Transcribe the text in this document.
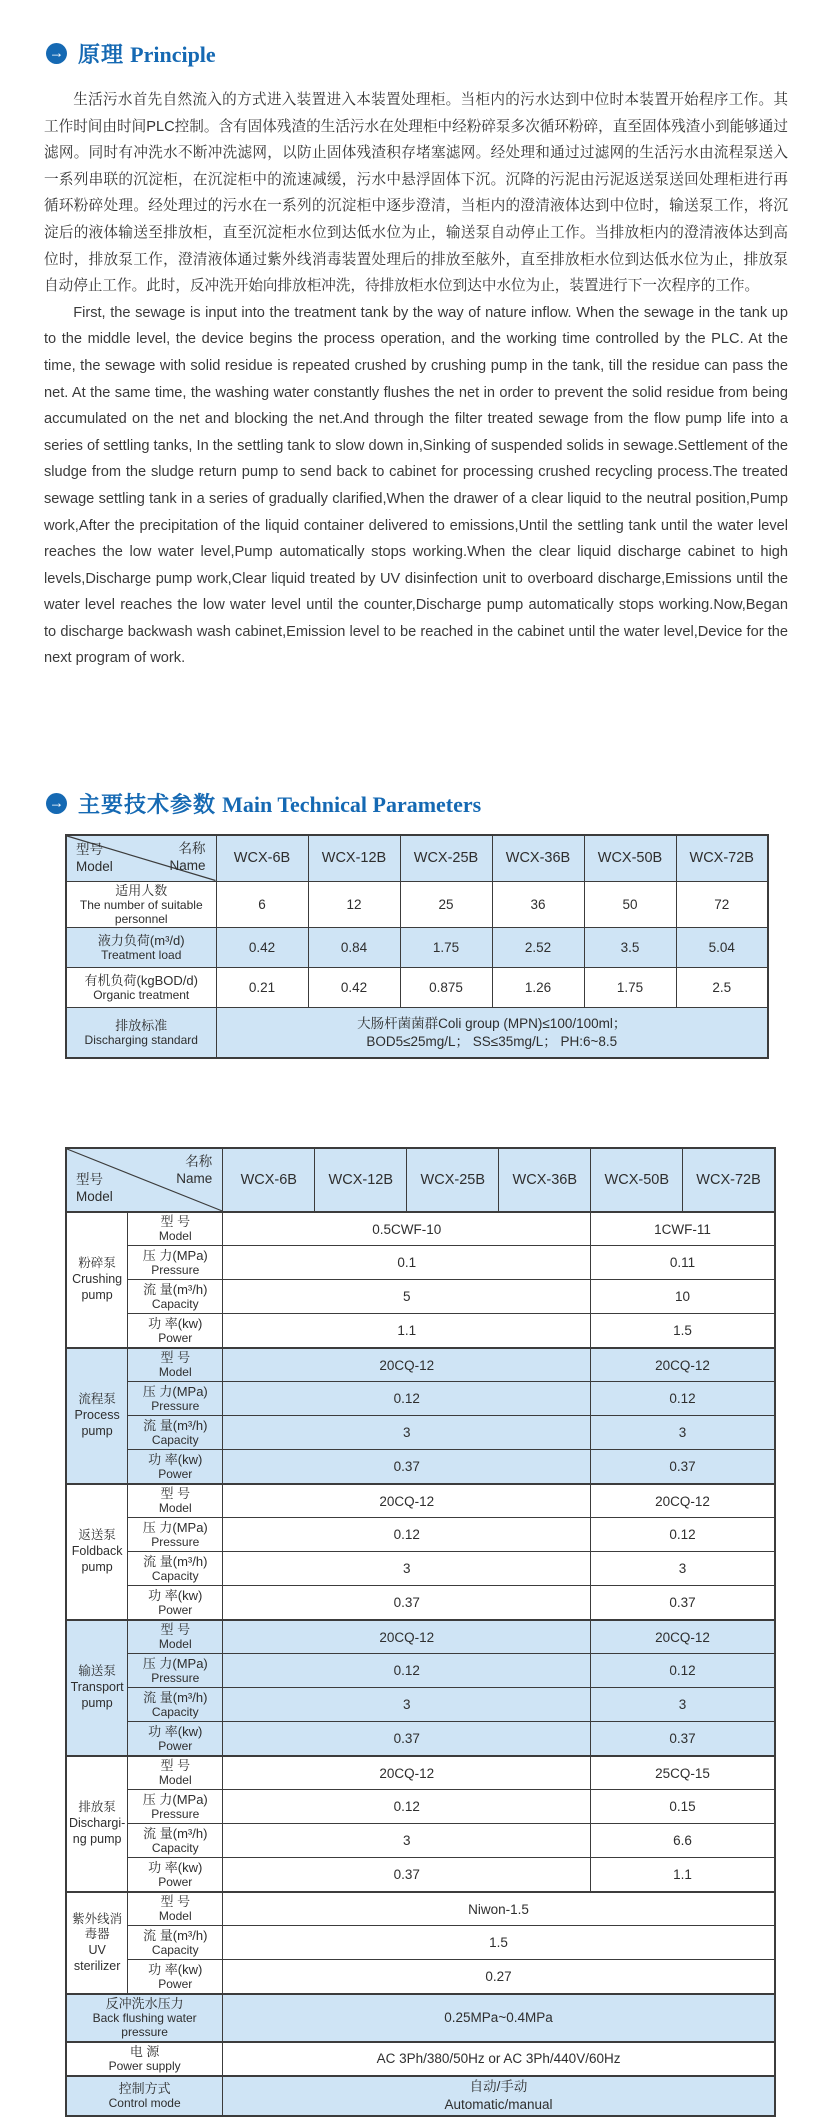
→ 原理 Principle

生活污水首先自然流入的方式进入装置进入本装置处理柜。当柜内的污水达到中位时本装置开始程序工作。其工作时间由时间PLC控制。含有固体残渣的生活污水在处理柜中经粉碎泵多次循环粉碎，直至固体残渣小到能够通过滤网。同时有冲洗水不断冲洗滤网，以防止固体残渣积存堵塞滤网。经处理和通过过滤网的生活污水由流程泵送入一系列串联的沉淀柜，在沉淀柜中的流速减缓，污水中悬浮固体下沉。沉降的污泥由污泥返送泵送回处理柜进行再循环粉碎处理。经处理过的污水在一系列的沉淀柜中逐步澄清，当柜内的澄清液体达到中位时，输送泵工作，将沉淀后的液体输送至排放柜，直至沉淀柜水位到达低水位为止，输送泵自动停止工作。当排放柜内的澄清液体达到高位时，排放泵工作，澄清液体通过紫外线消毒装置处理后的排放至舷外，直至排放柜水位到达低水位为止，排放泵自动停止工作。此时，反冲洗开始向排放柜冲洗，待排放柜水位到达中水位为止，装置进行下一次程序的工作。

First, the sewage is input into the treatment tank by the way of nature inflow. When the sewage in the tank up to the middle level, the device begins the process operation, and the working time controlled by the PLC. At the time, the sewage with solid residue is repeated crushed by crushing pump in the tank, till the residue can pass the net. At the same time, the washing water constantly flushes the net in order to prevent the solid residue from being accumulated on the net and blocking the net.And through the filter treated sewage from the flow pump life into a series of settling tanks, In the settling tank to slow down in,Sinking of suspended solids in sewage.Settlement of the sludge from the sludge return pump to send back to cabinet for processing crushed recycling process.The treated sewage settling tank in a series of gradually clarified,When the drawer of a clear liquid to the neutral position,Pump work,After the precipitation of the liquid container delivered to emissions,Until the settling tank until the water level reaches the low water level,Pump automatically stops working.When the clear liquid discharge cabinet to high levels,Discharge pump work,Clear liquid treated by UV disinfection unit to overboard discharge,Emissions until the water level reaches the low water level until the counter,Discharge pump automatically stops working.Now,Began to discharge backwash wash cabinet,Emission level to be reached in the cabinet until the water level,Device for the next program of work.

→ 主要技术参数 Main Technical Parameters
名称
Name
型号
Model	WCX-6B	WCX-12B	WCX-25B	WCX-36B	WCX-50B	WCX-72B

适用人数
The number of suitable personnel	6	12	25	36	50	72

液力负荷(m³/d)
Treatment load	0.42	0.84	1.75	2.52	3.5	5.04

有机负荷(kgBOD/d)
Organic treatment	0.21	0.42	0.875	1.26	1.75	2.5

排放标准
Discharging standard
	大肠杆菌菌群Coli group (MPN)≤100/100ml；
BOD5≤25mg/L； SS≤35mg/L； PH:6~8.5
名称
Name
型号
Model		WCX-6B	WCX-12B	WCX-25B	WCX-36B	WCX-50B	WCX-72B
粉碎泵
Crushing pump	
型 号
Model	0.5CWF-10	1CWF-11

	压 力(MPa)
Pressure	0.1				0.11	

	流 量(m³/h)
Capacity	5				10	

	功 率(kw)
Power	1.1				1.5	
流程泵
Process pump	
型 号
Model	20CQ-12	20CQ-12

	压 力(MPa)
Pressure	0.12				0.12	

	流 量(m³/h)
Capacity	3				3	

	功 率(kw)
Power	0.37				0.37	
返送泵
Foldback pump	
型 号
Model	20CQ-12	20CQ-12

	压 力(MPa)
Pressure	0.12				0.12	

	流 量(m³/h)
Capacity	3				3	

	功 率(kw)
Power	0.37				0.37	
输送泵
Transport pump	
型 号
Model	20CQ-12	20CQ-12

	压 力(MPa)
Pressure	0.12				0.12	

	流 量(m³/h)
Capacity	3				3	

	功 率(kw)
Power	0.37				0.37	
排放泵
Dischargi-ng pump	
型 号
Model	20CQ-12	25CQ-15

	压 力(MPa)
Pressure	0.12				0.15	

	流 量(m³/h)
Capacity	3				6.6	

	功 率(kw)
Power	0.37				1.1	
紫外线消毒器
UV sterilizer	
型 号
Model	Niwon-1.5

	流 量(m³/h)
Capacity	1.5					

	功 率(kw)
Power	0.27					

反冲洗水压力
Back flushing water pressure		0.25MPa~0.4MPa					

电 源
Power supply		AC 3Ph/380/50Hz or AC 3Ph/440V/60Hz					

控制方式
Control mode
	自动/手动
Automatic/manual
